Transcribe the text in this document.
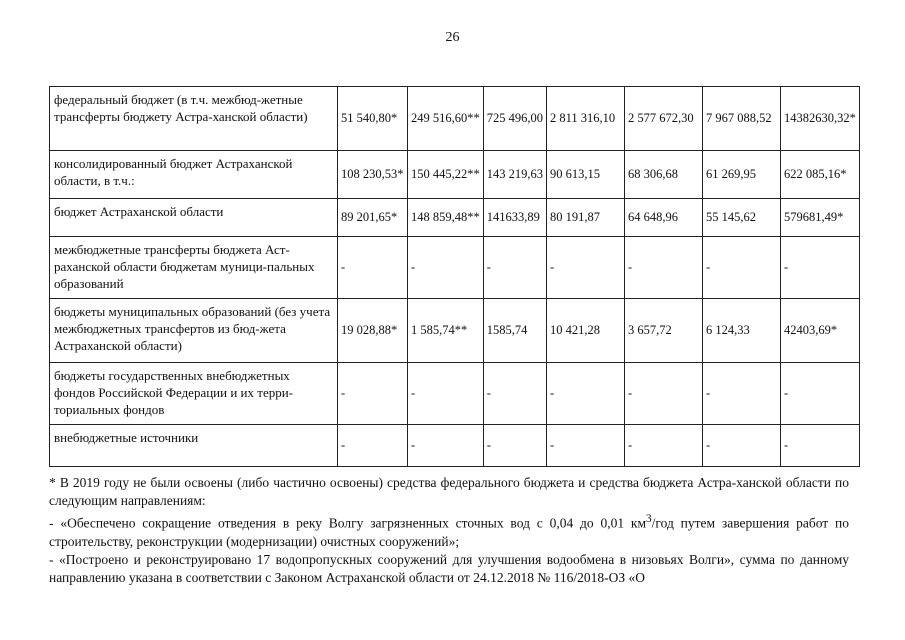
26
федеральный бюджет (в т.ч. межбюд-жетные трансферты бюджету Астра-ханской области)	51 540,80*	249 516,60**	725 496,00	2 811 316,10	2 577 672,30	7 967 088,52	14382630,32*
консолидированный бюджет Астраханской области, в т.ч.:	108 230,53*	150 445,22**	143 219,63	90 613,15	68 306,68	61 269,95	622 085,16*
бюджет Астраханской области	89 201,65*	148 859,48**	141633,89	80 191,87	64 648,96	55 145,62	579681,49*
межбюджетные трансферты бюджета Аст-раханской области бюджетам муници-пальных образований	-	-	-	-	-	-	-
бюджеты муниципальных образований (без учета межбюджетных трансфертов из бюд-жета Астраханской области)	19 028,88*	1 585,74**	1585,74	10 421,28	3 657,72	6 124,33	42403,69*
бюджеты государственных внебюджетных фондов Российской Федерации и их терри-ториальных фондов	-	-	-	-	-	-	-
внебюджетные источники	-	-	-	-	-	-	-

* В 2019 году не были освоены (либо частично освоены) средства федерального бюджета и средства бюджета Астра-ханской области по следующим направлениям:

- «Обеспечено сокращение отведения в реку Волгу загрязненных сточных вод с 0,04 до 0,01 $км^3$/год путем завершения работ по строительству, реконструкции (модернизации) очистных сооружений»;

- «Построено и реконструировано 17 водопропускных сооружений для улучшения водообмена в низовьях Волги», сумма по данному направлению указана в соответствии с Законом Астраханской области от 24.12.2018 № 116/2018-ОЗ «О
